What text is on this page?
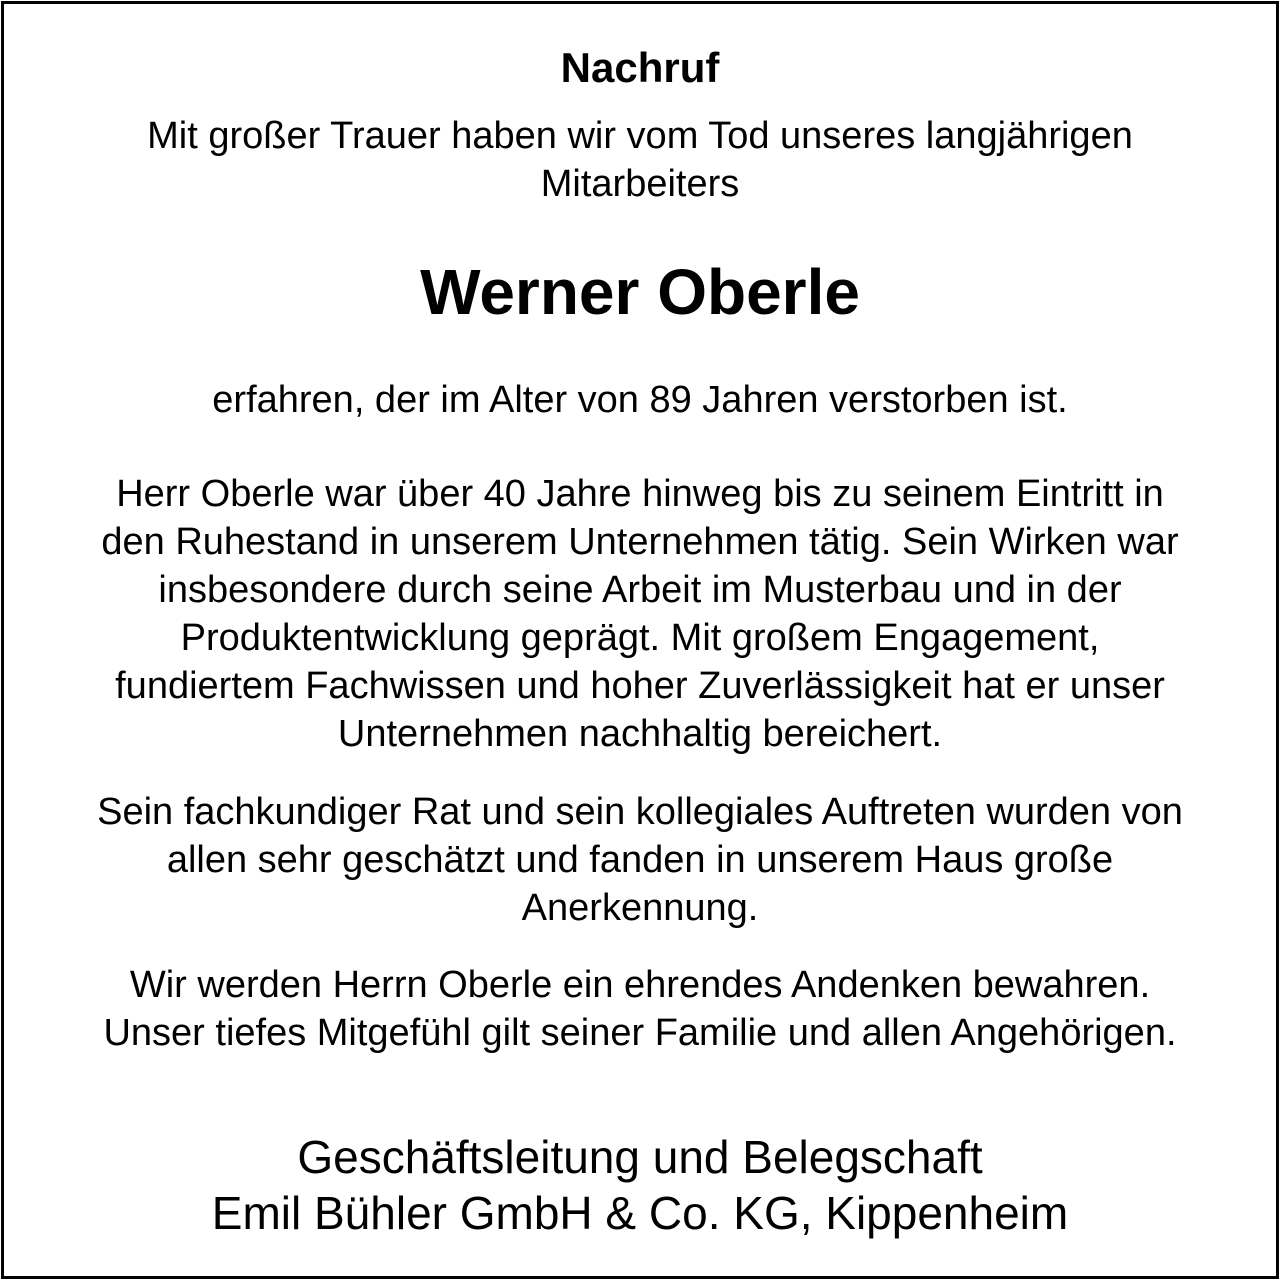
Nachruf
Mit großer Trauer haben wir vom Tod unseres langjährigen
Mitarbeiters
Werner Oberle
erfahren, der im Alter von 89 Jahren verstorben ist.
Herr Oberle war über 40 Jahre hinweg bis zu seinem Eintritt in
den Ruhestand in unserem Unternehmen tätig. Sein Wirken war
insbesondere durch seine Arbeit im Musterbau und in der
Produktentwicklung geprägt. Mit großem Engagement,
fundiertem Fachwissen und hoher Zuverlässigkeit hat er unser
Unternehmen nachhaltig bereichert.
Sein fachkundiger Rat und sein kollegiales Auftreten wurden von
allen sehr geschätzt und fanden in unserem Haus große
Anerkennung.
Wir werden Herrn Oberle ein ehrendes Andenken bewahren.
Unser tiefes Mitgefühl gilt seiner Familie und allen Angehörigen.
Geschäftsleitung und Belegschaft
Emil Bühler GmbH & Co. KG, Kippenheim
